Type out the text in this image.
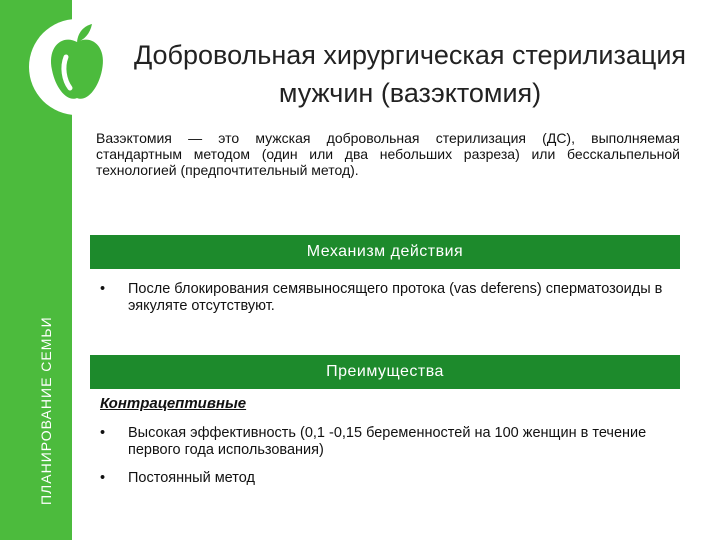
ПЛАНИРОВАНИЕ СЕМЬИ
Добровольная хирургическая стерилизация мужчин (вазэктомия)
Вазэктомия — это мужская добровольная стерилизация (ДС), выполняемая стандартным методом (один или два небольших разреза) или бесскальпельной технологией (предпочтительный метод).
Механизм действия
•	После блокирования семявыносящего протока (vas deferens) сперматозоиды в эякуляте отсутствуют.
Преимущества
Контрацептивные
•	Высокая эффективность (0,1 -0,15 беременностей на 100 женщин в течение первого года использования)
•	Постоянный метод
